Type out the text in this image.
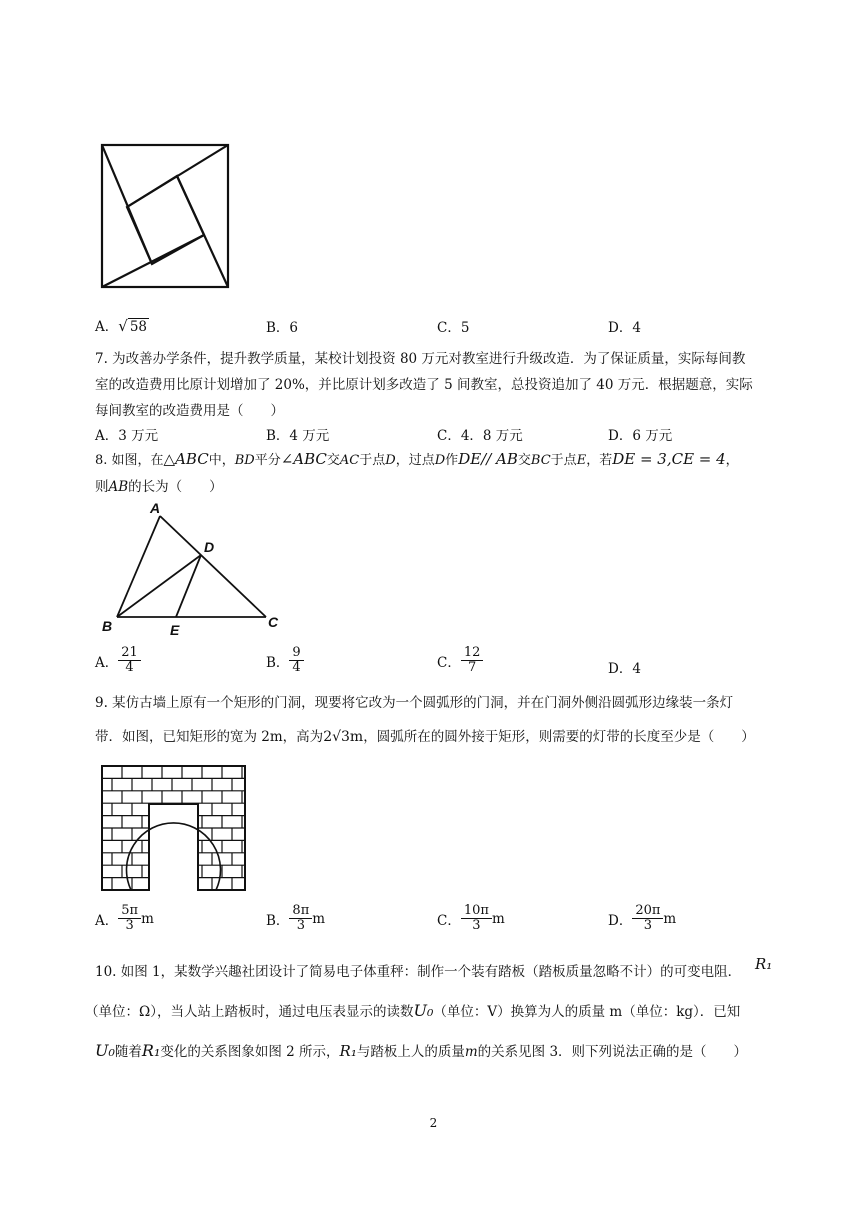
A．√ 58	B．6	C．5	D．4
7. 为改善办学条件，提升教学质量，某校计划投资 80 万元对教室进行升级改造．为了保证质量，实际每间教
室的改造费用比原计划增加了 20%，并比原计划多改造了 5 间教室，总投资追加了 40 万元．根据题意，实际
每间教室的改造费用是（　　）
A．3 万元	B．4 万元	C．4．8 万元	D．6 万元
8. 如图，在△ABC中，BD平分∠ABC交AC于点D，过点D作DE// AB交BC于点E，若DE = 3,CE = 4，
则AB的长为（　　）
A
D
B	E	C
A． $\frac{21}{4}$	B． $\frac{9}{4}$	C． $\frac{12}{7}$	D．4
9. 某仿古墙上原有一个矩形的门洞，现要将它改为一个圆弧形的门洞，并在门洞外侧沿圆弧形边缘装一条灯
带．如图，已知矩形的宽为 2m，高为2√3m，圆弧所在的圆外接于矩形，则需要的灯带的长度至少是（　　）
A． $\frac{5\pi}{3}$ m	B． $\frac{8\pi}{3}$ m	C． $\frac{10\pi}{3}$ m	D． $\frac{20\pi}{3}$ m
10. 如图 1，某数学兴趣社团设计了简易电子体重秤：制作一个装有踏板（踏板质量忽略不计）的可变电阻． R₁
（单位：Ω），当人站上踏板时，通过电压表显示的读数U₀（单位：V）换算为人的质量 m（单位：kg）．已知
U₀随着R₁变化的关系图象如图 2 所示，R₁与踏板上人的质量m的关系见图 3．则下列说法正确的是（　　）
2
